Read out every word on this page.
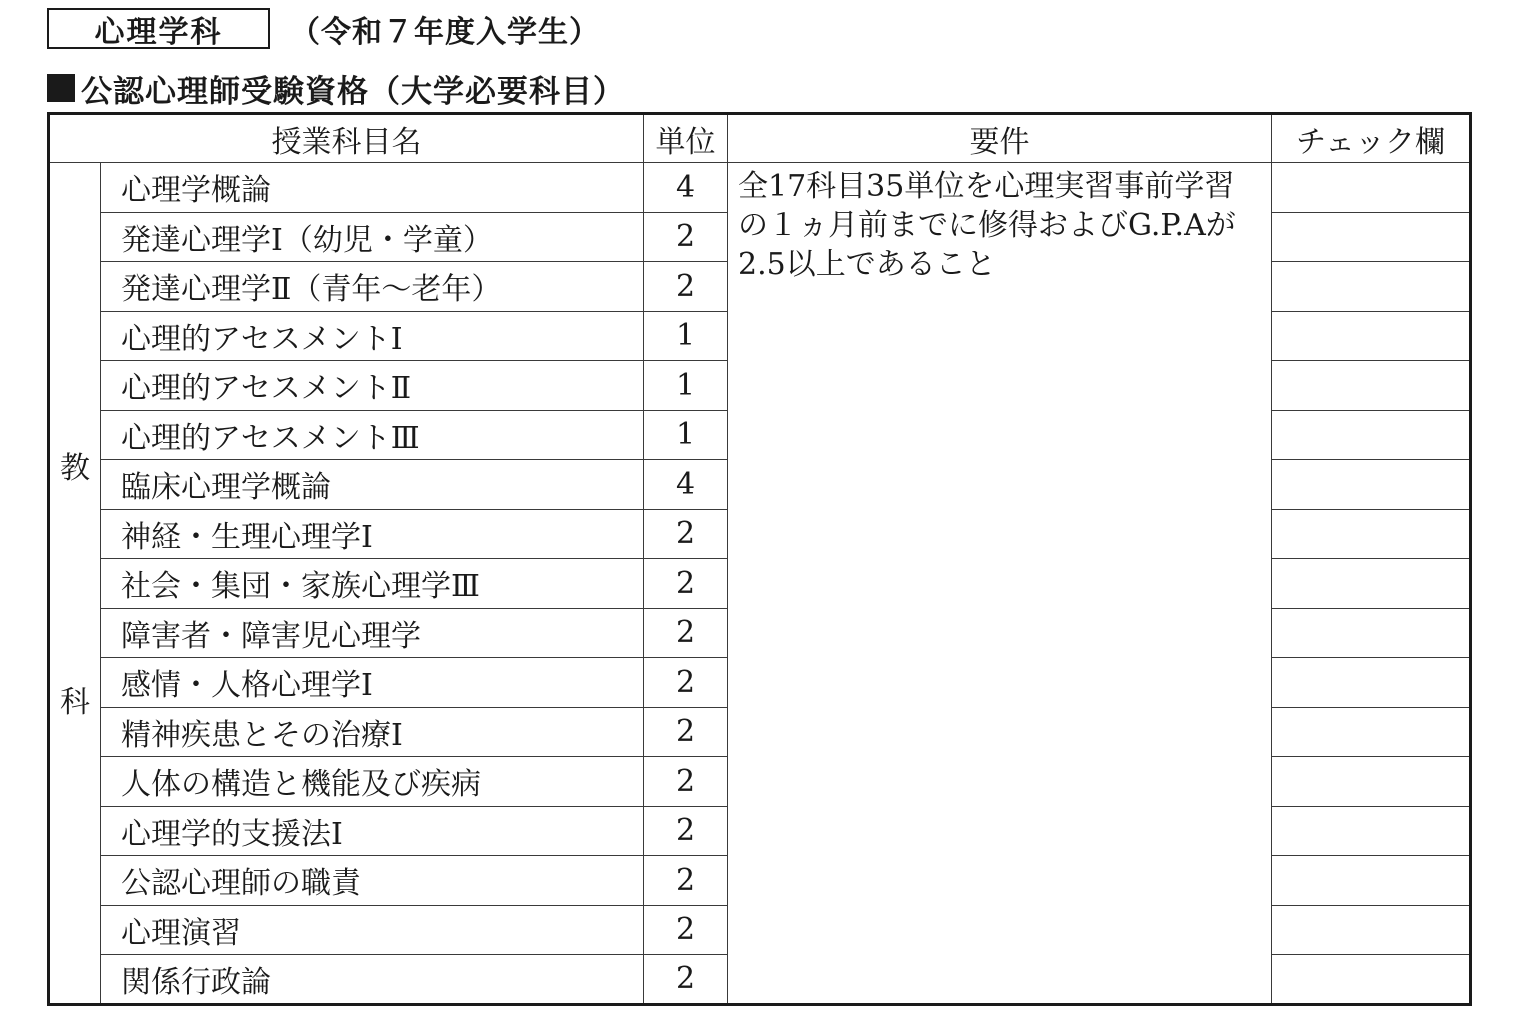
心理学科 （令和７年度入学生）
公認心理師受験資格（大学必要科目）
授業科目名		単位	要件	チェック欄

教
科	心理学概論	4	全17科目35単位を心理実習事前学習の１ヵ月前までに修得およびG.P.Aが2.5以上であること	
	発達心理学Ⅰ（幼児・学童）	2		
	発達心理学Ⅱ（青年～老年）	2		
	心理的アセスメントⅠ	1		
	心理的アセスメントⅡ	1		
	心理的アセスメントⅢ	1		
	臨床心理学概論	4		
	神経・生理心理学Ⅰ	2		
	社会・集団・家族心理学Ⅲ	2		
	障害者・障害児心理学	2		
	感情・人格心理学Ⅰ	2		
	精神疾患とその治療Ⅰ	2		
	人体の構造と機能及び疾病	2		
	心理学的支援法Ⅰ	2		
	公認心理師の職責	2		
	心理演習	2		
	関係行政論	2		
